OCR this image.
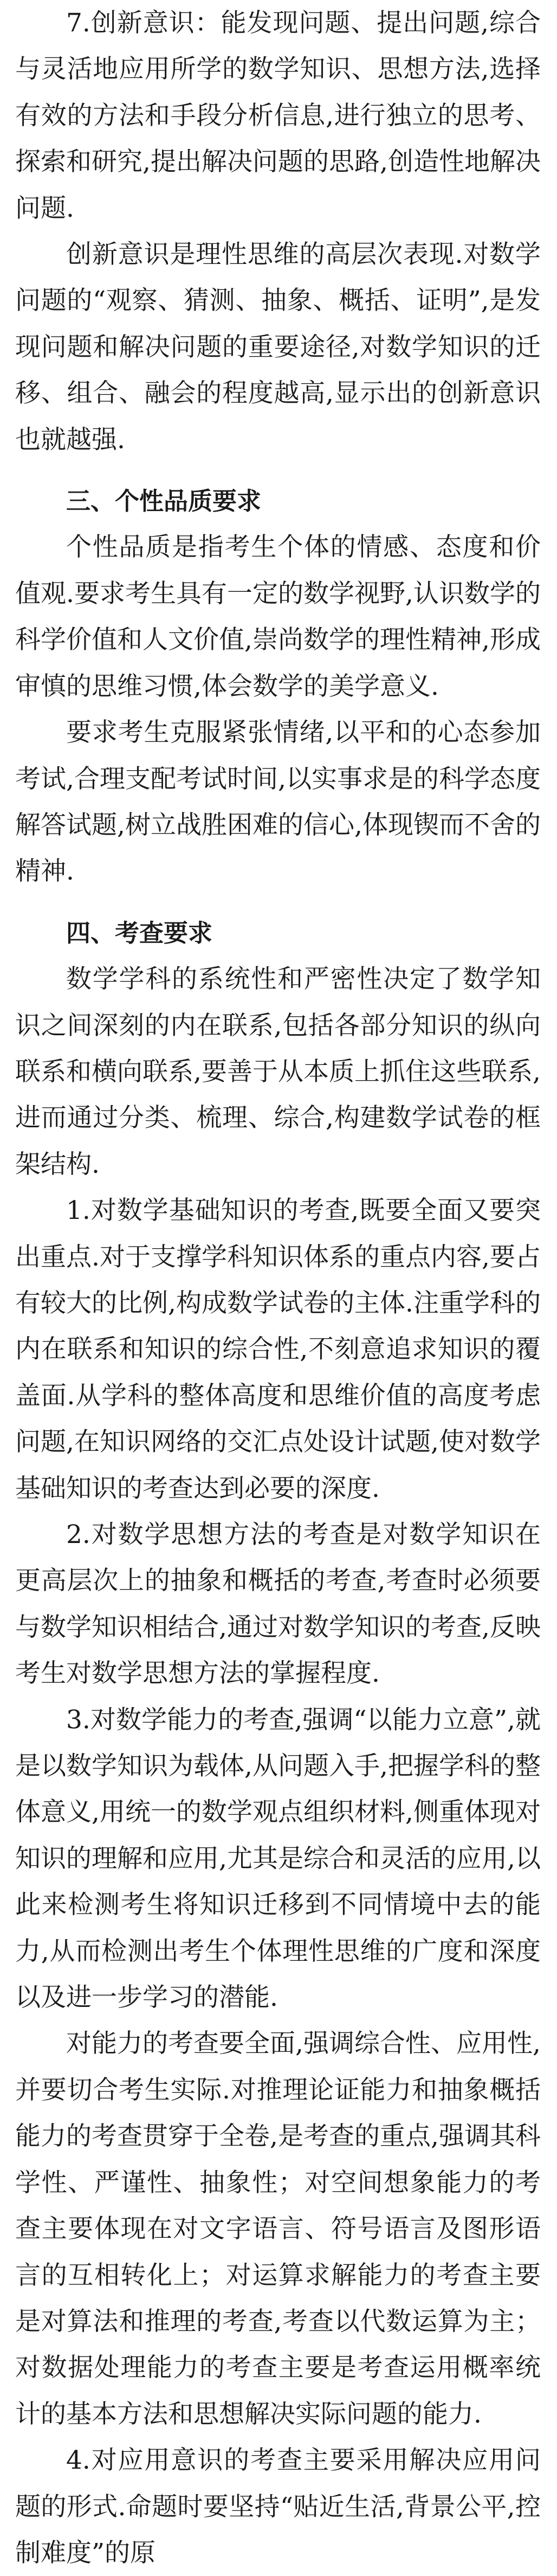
7.创新意识：能发现问题、提出问题,综合与灵活地应用所学的数学知识、思想方法,选择有效的方法和手段分析信息,进行独立的思考、探索和研究,提出解决问题的思路,创造性地解决问题.

创新意识是理性思维的高层次表现.对数学问题的“观察、猜测、抽象、概括、证明”,是发现问题和解决问题的重要途径,对数学知识的迁移、组合、融会的程度越高,显示出的创新意识也就越强.

三、个性品质要求

个性品质是指考生个体的情感、态度和价值观.要求考生具有一定的数学视野,认识数学的科学价值和人文价值,崇尚数学的理性精神,形成审慎的思维习惯,体会数学的美学意义.

要求考生克服紧张情绪,以平和的心态参加考试,合理支配考试时间,以实事求是的科学态度解答试题,树立战胜困难的信心,体现锲而不舍的精神.

四、考查要求

数学学科的系统性和严密性决定了数学知识之间深刻的内在联系,包括各部分知识的纵向联系和横向联系,要善于从本质上抓住这些联系,进而通过分类、梳理、综合,构建数学试卷的框架结构.

1.对数学基础知识的考查,既要全面又要突出重点.对于支撑学科知识体系的重点内容,要占有较大的比例,构成数学试卷的主体.注重学科的内在联系和知识的综合性,不刻意追求知识的覆盖面.从学科的整体高度和思维价值的高度考虑问题,在知识网络的交汇点处设计试题,使对数学基础知识的考查达到必要的深度.

2.对数学思想方法的考查是对数学知识在更高层次上的抽象和概括的考查,考查时必须要与数学知识相结合,通过对数学知识的考查,反映考生对数学思想方法的掌握程度.

3.对数学能力的考查,强调“以能力立意”,就是以数学知识为载体,从问题入手,把握学科的整体意义,用统一的数学观点组织材料,侧重体现对知识的理解和应用,尤其是综合和灵活的应用,以此来检测考生将知识迁移到不同情境中去的能力,从而检测出考生个体理性思维的广度和深度以及进一步学习的潜能.

对能力的考查要全面,强调综合性、应用性,并要切合考生实际.对推理论证能力和抽象概括能力的考查贯穿于全卷,是考查的重点,强调其科学性、严谨性、抽象性；对空间想象能力的考查主要体现在对文字语言、符号语言及图形语言的互相转化上；对运算求解能力的考查主要是对算法和推理的考查,考查以代数运算为主；对数据处理能力的考查主要是考查运用概率统计的基本方法和思想解决实际问题的能力.

4.对应用意识的考查主要采用解决应用问题的形式.命题时要坚持“贴近生活,背景公平,控制难度”的原
